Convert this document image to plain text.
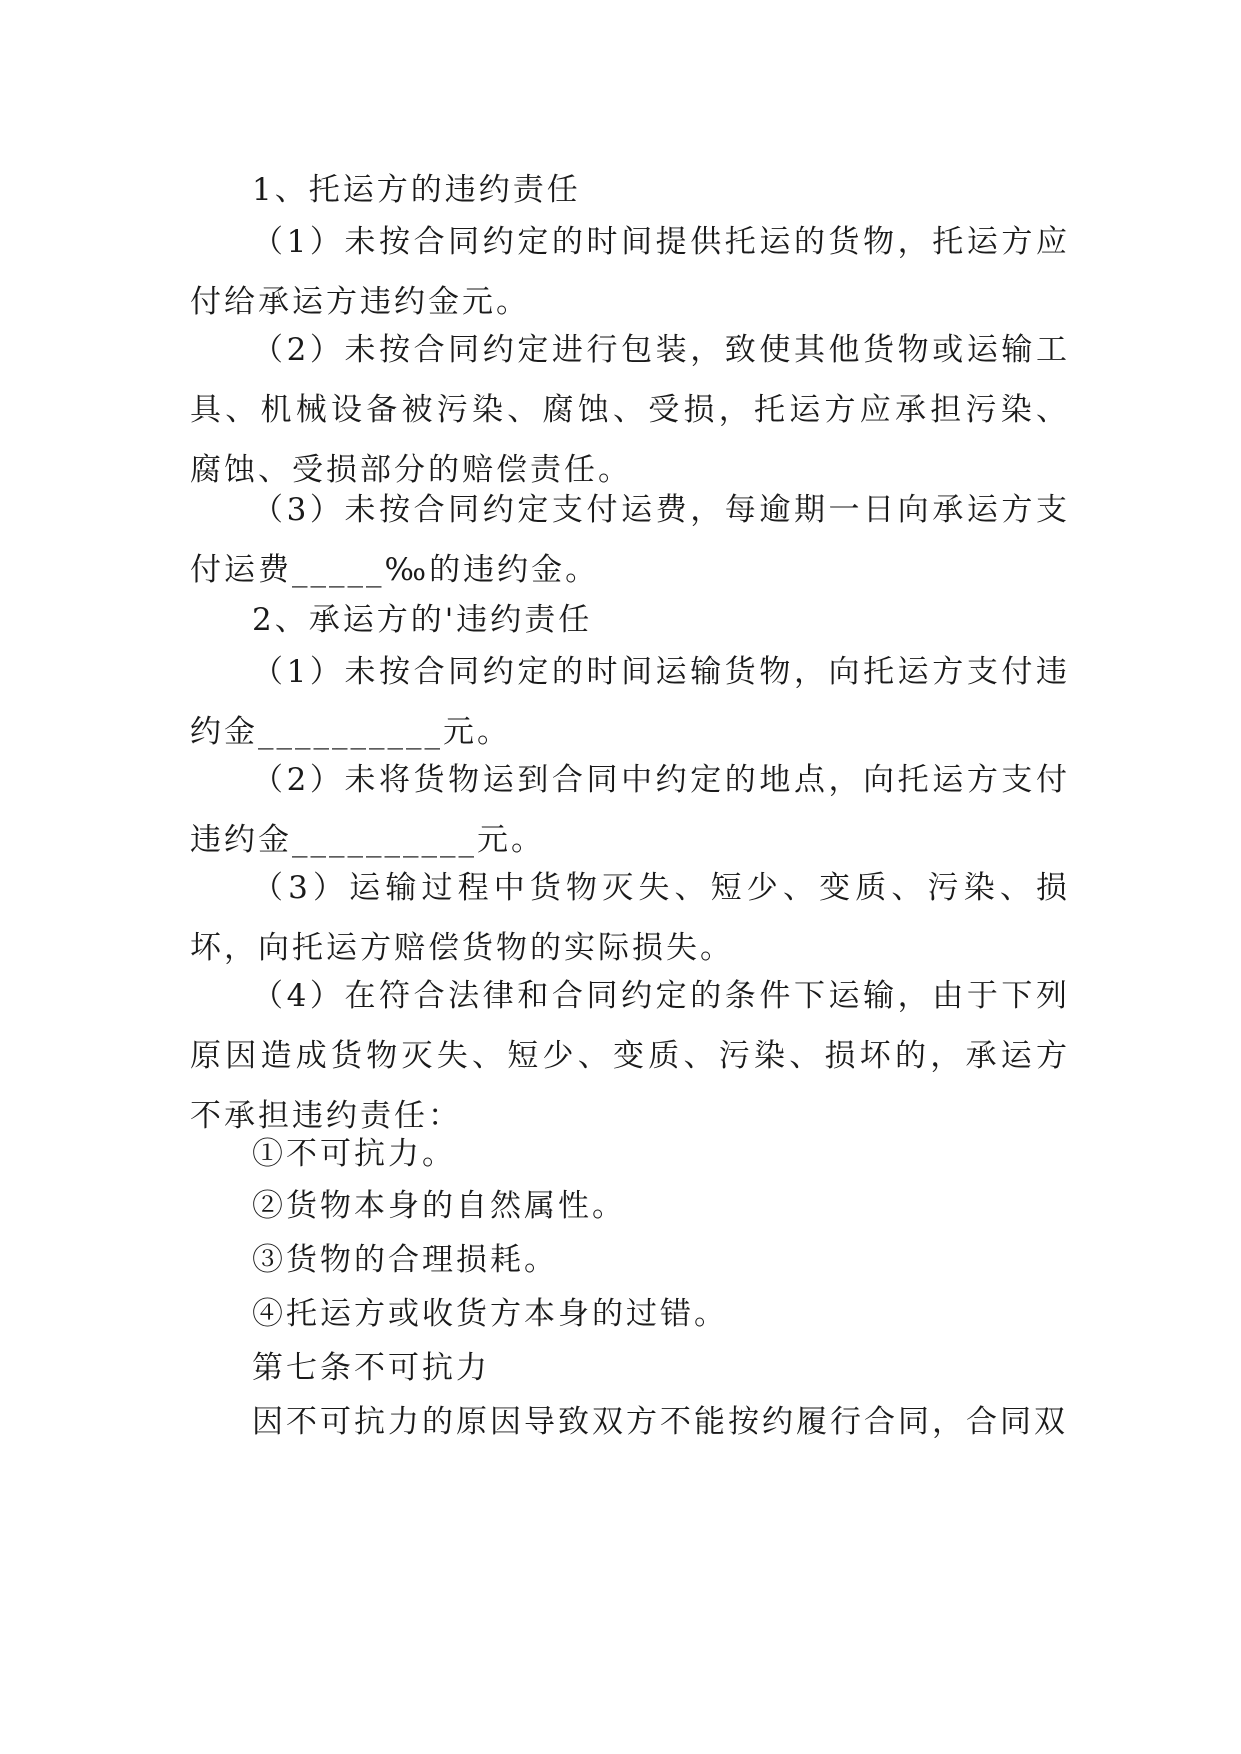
1、托运方的违约责任

（1）未按合同约定的时间提供托运的货物，托运方应付给承运方违约金元。

（2）未按合同约定进行包装，致使其他货物或运输工具、机械设备被污染、腐蚀、受损，托运方应承担污染、腐蚀、受损部分的赔偿责任。

（3）未按合同约定支付运费，每逾期一日向承运方支付运费_____‰的违约金。

2、承运方的'违约责任

（1）未按合同约定的时间运输货物，向托运方支付违约金__________元。

（2）未将货物运到合同中约定的地点，向托运方支付违约金__________元。

（3）运输过程中货物灭失、短少、变质、污染、损坏，向托运方赔偿货物的实际损失。

（4）在符合法律和合同约定的条件下运输，由于下列原因造成货物灭失、短少、变质、污染、损坏的，承运方不承担违约责任：

①不可抗力。

②货物本身的自然属性。

③货物的合理损耗。

④托运方或收货方本身的过错。

第七条不可抗力

因不可抗力的原因导致双方不能按约履行合同，合同双
